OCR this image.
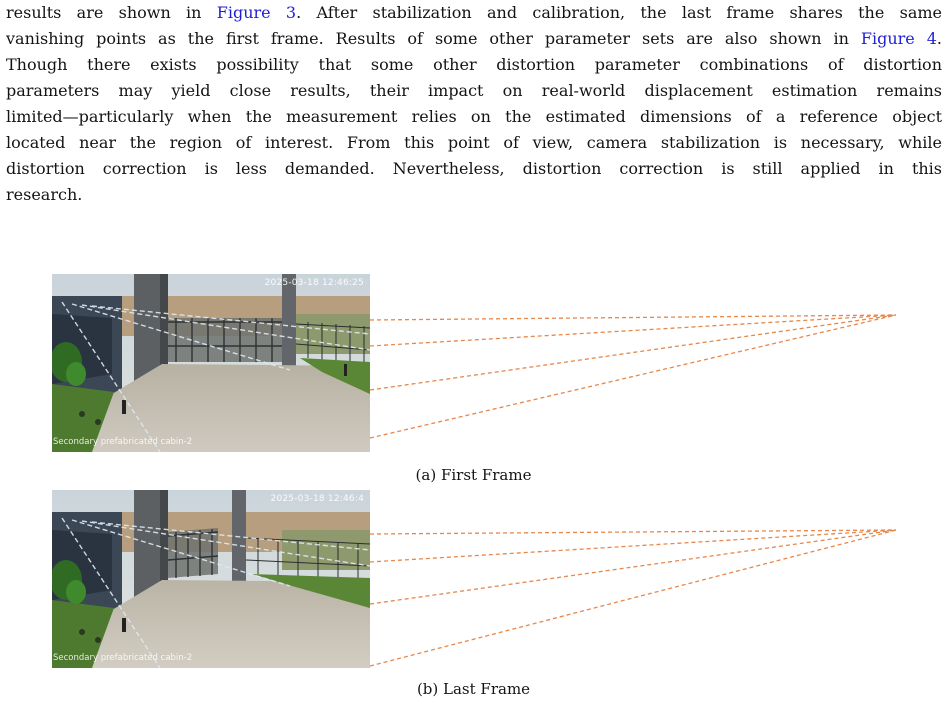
results are shown in Figure 3. After stabilization and calibration, the last frame shares the same
vanishing points as the first frame. Results of some other parameter sets are also shown in Figure 4.
Though there exists possibility that some other distortion parameter combinations of distortion
parameters may yield close results, their impact on real-world displacement estimation remains
limited—particularly when the measurement relies on the estimated dimensions of a reference object
located near the region of interest. From this point of view, camera stabilization is necessary, while
distortion correction is less demanded. Nevertheless, distortion correction is still applied in this
research.
2025-03-18 12:46:25
Secondary prefabricated cabin-2
(a) First Frame
2025-03-18 12:46:4
Secondary prefabricated cabin-2
(b) Last Frame
